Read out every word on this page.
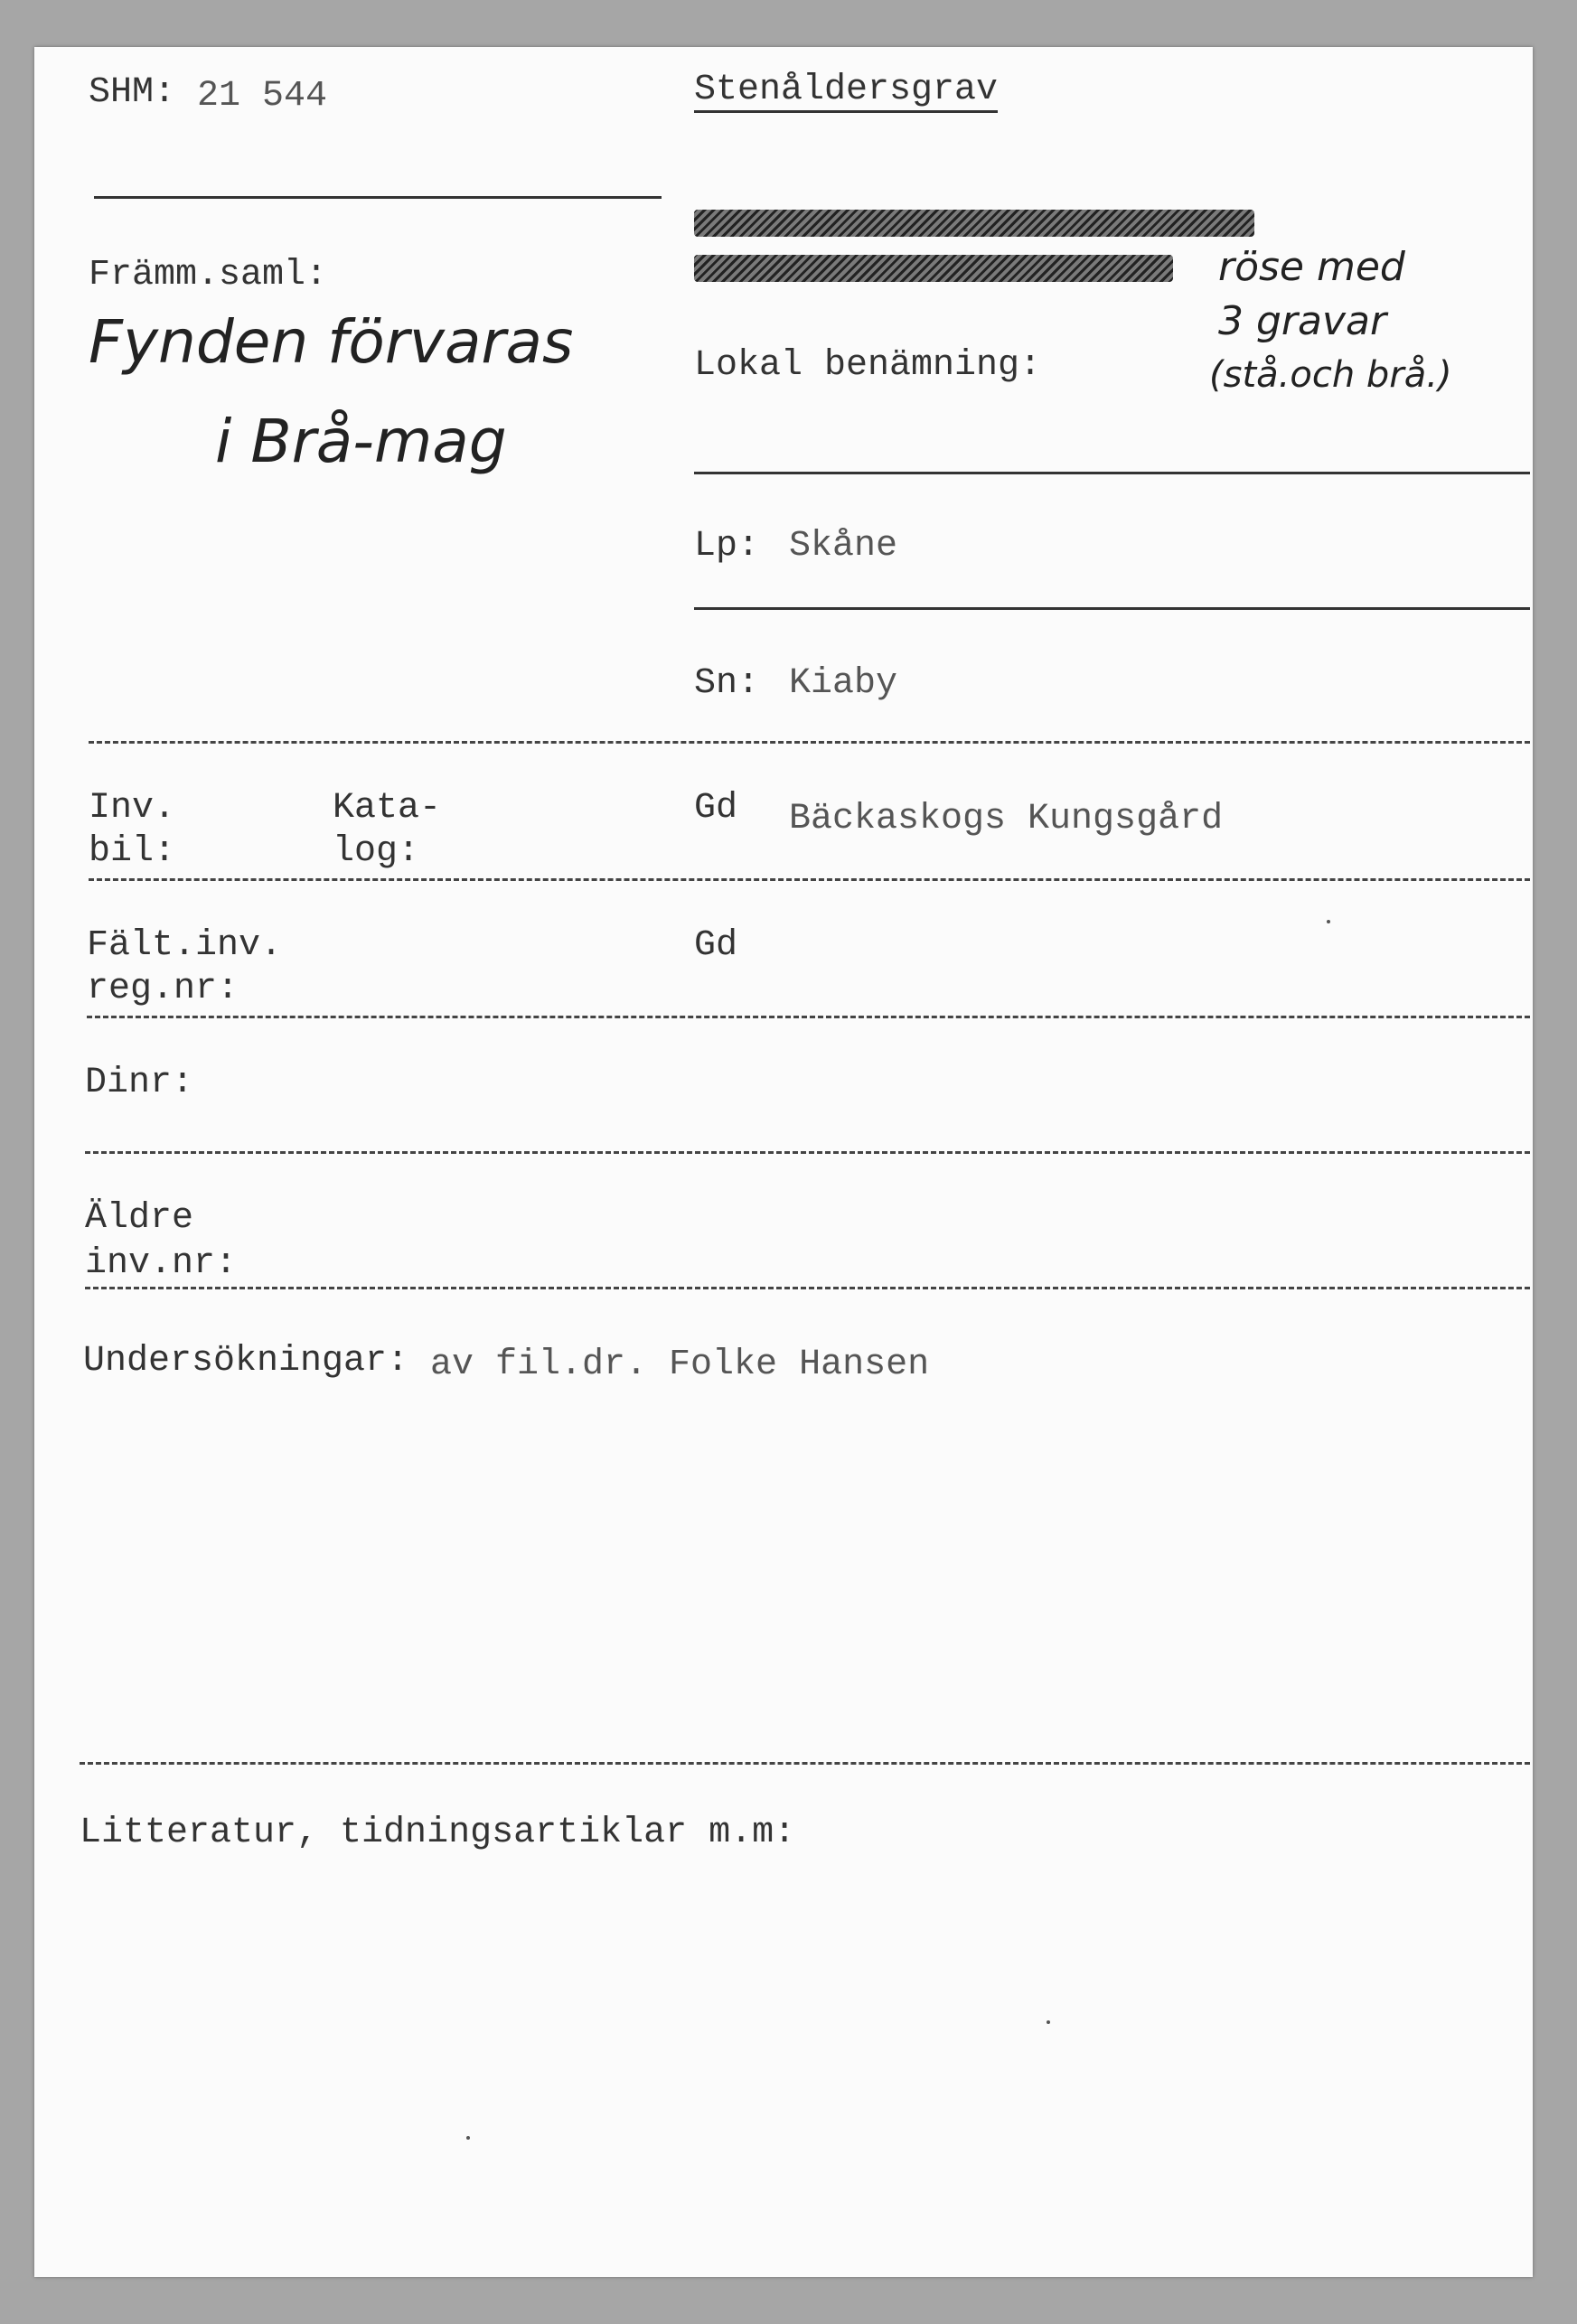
SHM: 21 544	Stenåldersgrav
Främm.saml:
Fynden förvaras
i Brå-mag
röse med
3 gravar
(stå.och brå.)
Lokal benämning:
Lp: Skåne
Sn: Kiaby
Inv.
bil:
Kata-
log:
Gd Bäckaskogs Kungsgård
Fält.inv.
reg.nr:
Gd
Dinr:
Äldre
inv.nr:
Undersökningar: av fil.dr. Folke Hansen
Litteratur, tidningsartiklar m.m:
